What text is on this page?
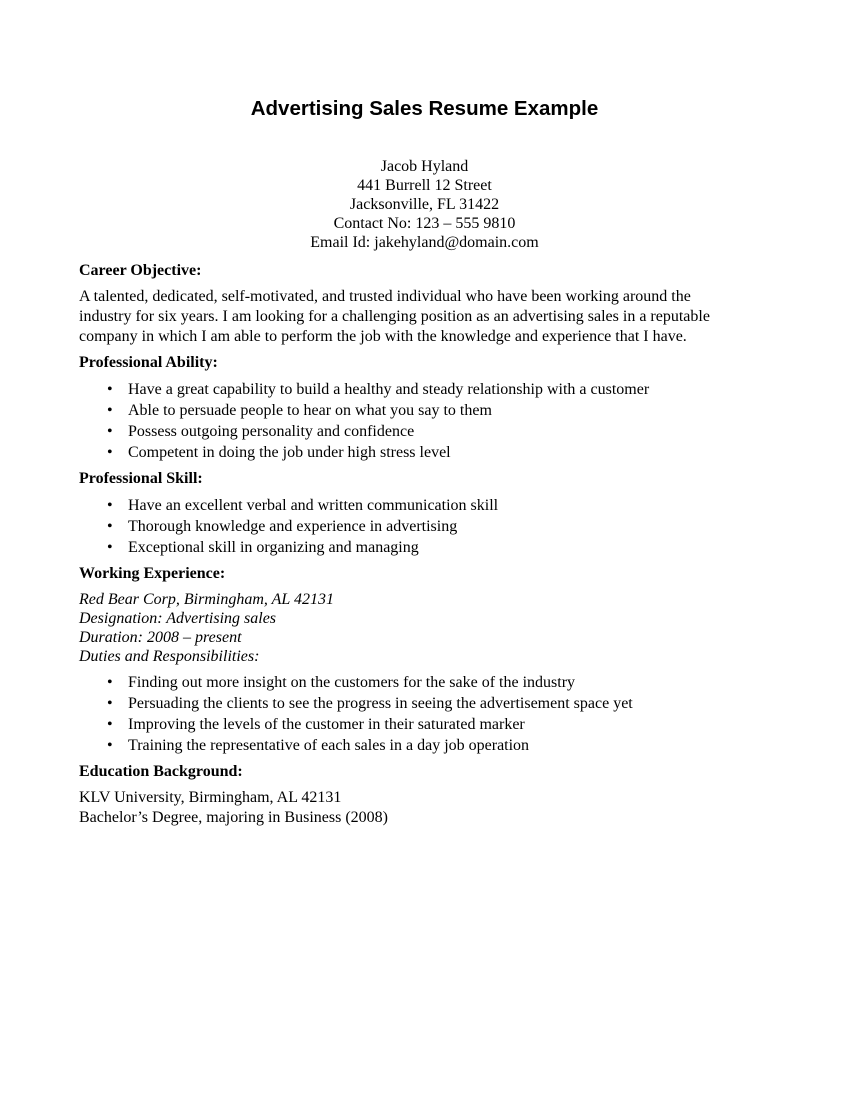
Advertising Sales Resume Example
Jacob Hyland
441 Burrell 12 Street
Jacksonville, FL 31422
Contact No: 123 – 555 9810
Email Id: jakehyland@domain.com
Career Objective:

A talented, dedicated, self-motivated, and trusted individual who have been working around the
industry for six years. I am looking for a challenging position as an advertising sales in a reputable
company in which I am able to perform the job with the knowledge and experience that I have.

Professional Ability:
• Have a great capability to build a healthy and steady relationship with a customer
• Able to persuade people to hear on what you say to them
• Possess outgoing personality and confidence
• Competent in doing the job under high stress level
Professional Skill:
• Have an excellent verbal and written communication skill
• Thorough knowledge and experience in advertising
• Exceptional skill in organizing and managing
Working Experience:
Red Bear Corp, Birmingham, AL 42131
Designation: Advertising sales
Duration: 2008 – present
Duties and Responsibilities:
• Finding out more insight on the customers for the sake of the industry
• Persuading the clients to see the progress in seeing the advertisement space yet
• Improving the levels of the customer in their saturated marker
• Training the representative of each sales in a day job operation
Education Background:
KLV University, Birmingham, AL 42131
Bachelor’s Degree, majoring in Business (2008)
